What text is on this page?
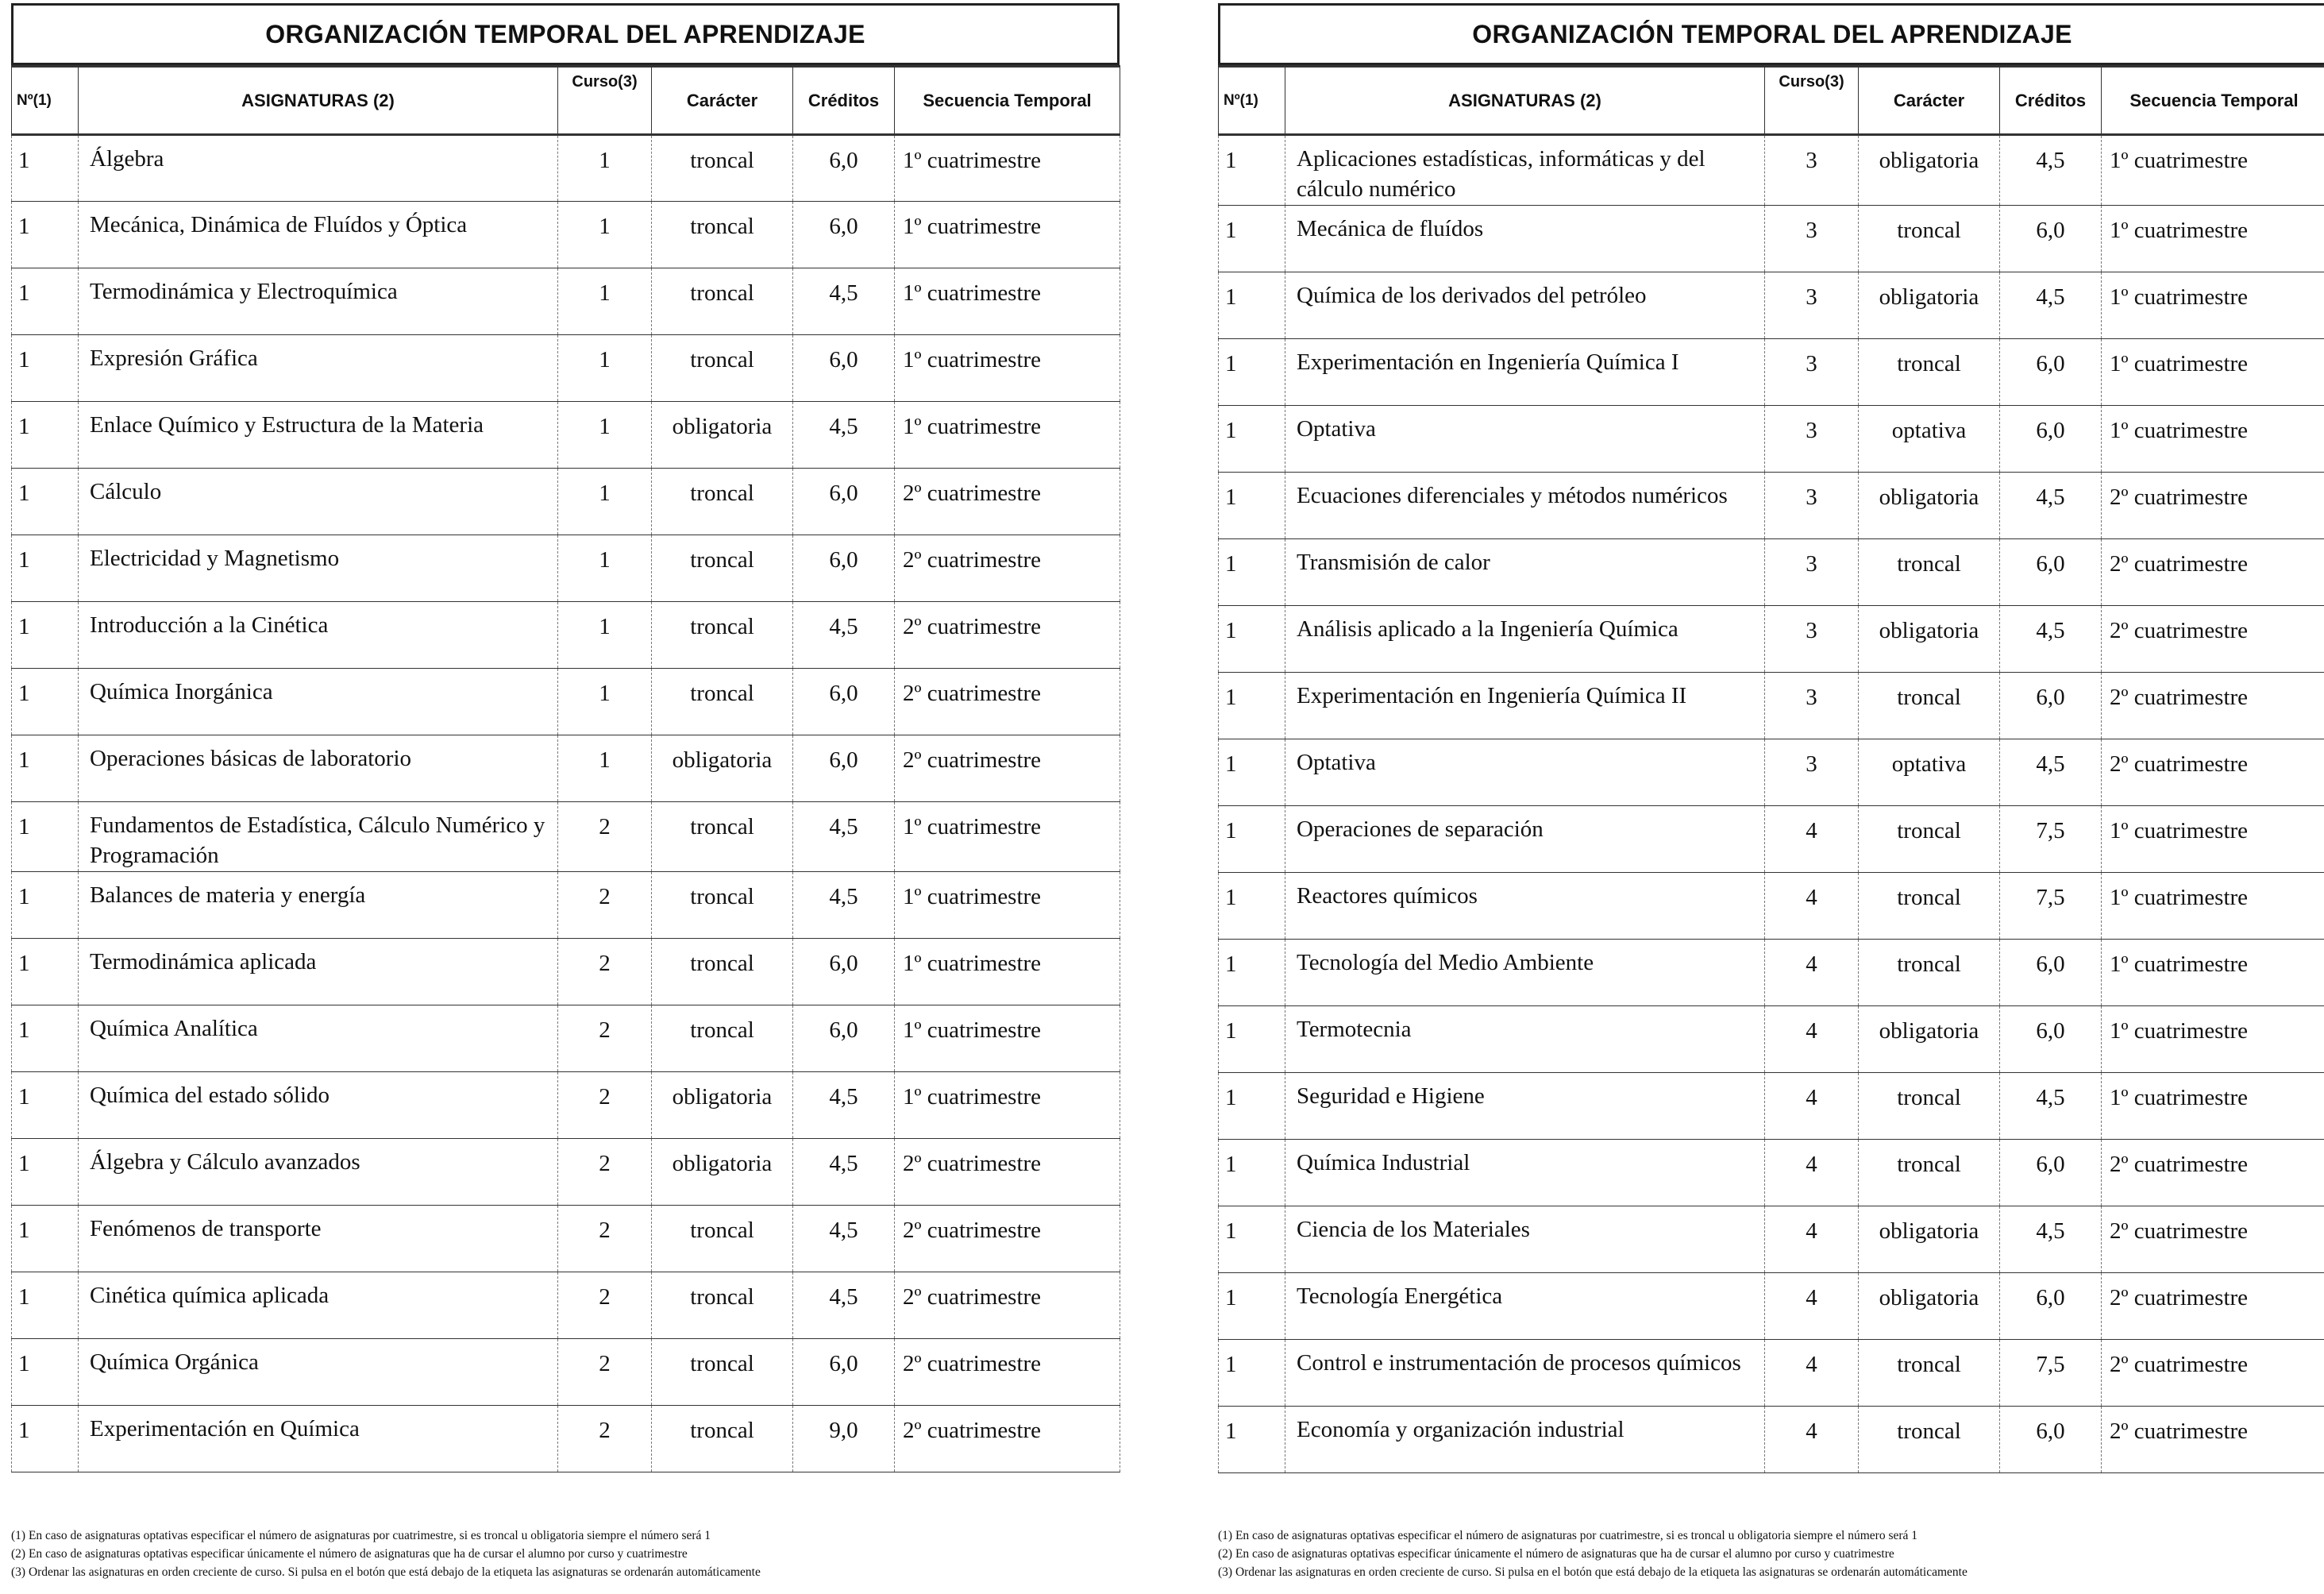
ORGANIZACIÓN TEMPORAL DEL APRENDIZAJE
Nº(1)	ASIGNATURAS (2)	Curso(3)	Carácter	Créditos	Secuencia Temporal
1	Álgebra	1	troncal	6,0	1º cuatrimestre
1	Mecánica, Dinámica de Fluídos y Óptica	1	troncal	6,0	1º cuatrimestre
1	Termodinámica y Electroquímica	1	troncal	4,5	1º cuatrimestre
1	Expresión Gráfica	1	troncal	6,0	1º cuatrimestre
1	Enlace Químico y Estructura de la Materia	1	obligatoria	4,5	1º cuatrimestre
1	Cálculo	1	troncal	6,0	2º cuatrimestre
1	Electricidad y Magnetismo	1	troncal	6,0	2º cuatrimestre
1	Introducción a la Cinética	1	troncal	4,5	2º cuatrimestre
1	Química Inorgánica	1	troncal	6,0	2º cuatrimestre
1	Operaciones básicas de laboratorio	1	obligatoria	6,0	2º cuatrimestre
1	Fundamentos de Estadística, Cálculo Numérico y Programación	2	troncal	4,5	1º cuatrimestre
1	Balances de materia y energía	2	troncal	4,5	1º cuatrimestre
1	Termodinámica aplicada	2	troncal	6,0	1º cuatrimestre
1	Química Analítica	2	troncal	6,0	1º cuatrimestre
1	Química del estado sólido	2	obligatoria	4,5	1º cuatrimestre
1	Álgebra y Cálculo avanzados	2	obligatoria	4,5	2º cuatrimestre
1	Fenómenos de transporte	2	troncal	4,5	2º cuatrimestre
1	Cinética química aplicada	2	troncal	4,5	2º cuatrimestre
1	Química Orgánica	2	troncal	6,0	2º cuatrimestre
1	Experimentación en Química	2	troncal	9,0	2º cuatrimestre
(1) En caso de asignaturas optativas especificar el número de asignaturas por cuatrimestre, si es troncal u obligatoria siempre el número será 1
(2) En caso de asignaturas optativas especificar únicamente el número de asignaturas que ha de cursar el alumno por curso y cuatrimestre
(3) Ordenar las asignaturas en orden creciente de curso. Si pulsa en el botón que está debajo de la etiqueta las asignaturas se ordenarán automáticamente
ORGANIZACIÓN TEMPORAL DEL APRENDIZAJE
Nº(1)	ASIGNATURAS (2)	Curso(3)	Carácter	Créditos	Secuencia Temporal
1	Aplicaciones estadísticas, informáticas y del cálculo numérico	3	obligatoria	4,5	1º cuatrimestre
1	Mecánica de fluídos	3	troncal	6,0	1º cuatrimestre
1	Química de los derivados del petróleo	3	obligatoria	4,5	1º cuatrimestre
1	Experimentación en Ingeniería Química I	3	troncal	6,0	1º cuatrimestre
1	Optativa	3	optativa	6,0	1º cuatrimestre
1	Ecuaciones diferenciales y métodos numéricos	3	obligatoria	4,5	2º cuatrimestre
1	Transmisión de calor	3	troncal	6,0	2º cuatrimestre
1	Análisis aplicado a la Ingeniería Química	3	obligatoria	4,5	2º cuatrimestre
1	Experimentación en Ingeniería Química II	3	troncal	6,0	2º cuatrimestre
1	Optativa	3	optativa	4,5	2º cuatrimestre
1	Operaciones de separación	4	troncal	7,5	1º cuatrimestre
1	Reactores químicos	4	troncal	7,5	1º cuatrimestre
1	Tecnología del Medio Ambiente	4	troncal	6,0	1º cuatrimestre
1	Termotecnia	4	obligatoria	6,0	1º cuatrimestre
1	Seguridad e Higiene	4	troncal	4,5	1º cuatrimestre
1	Química Industrial	4	troncal	6,0	2º cuatrimestre
1	Ciencia de los Materiales	4	obligatoria	4,5	2º cuatrimestre
1	Tecnología Energética	4	obligatoria	6,0	2º cuatrimestre
1	Control e instrumentación de procesos químicos	4	troncal	7,5	2º cuatrimestre
1	Economía y organización industrial	4	troncal	6,0	2º cuatrimestre
(1) En caso de asignaturas optativas especificar el número de asignaturas por cuatrimestre, si es troncal u obligatoria siempre el número será 1
(2) En caso de asignaturas optativas especificar únicamente el número de asignaturas que ha de cursar el alumno por curso y cuatrimestre
(3) Ordenar las asignaturas en orden creciente de curso. Si pulsa en el botón que está debajo de la etiqueta las asignaturas se ordenarán automáticamente
